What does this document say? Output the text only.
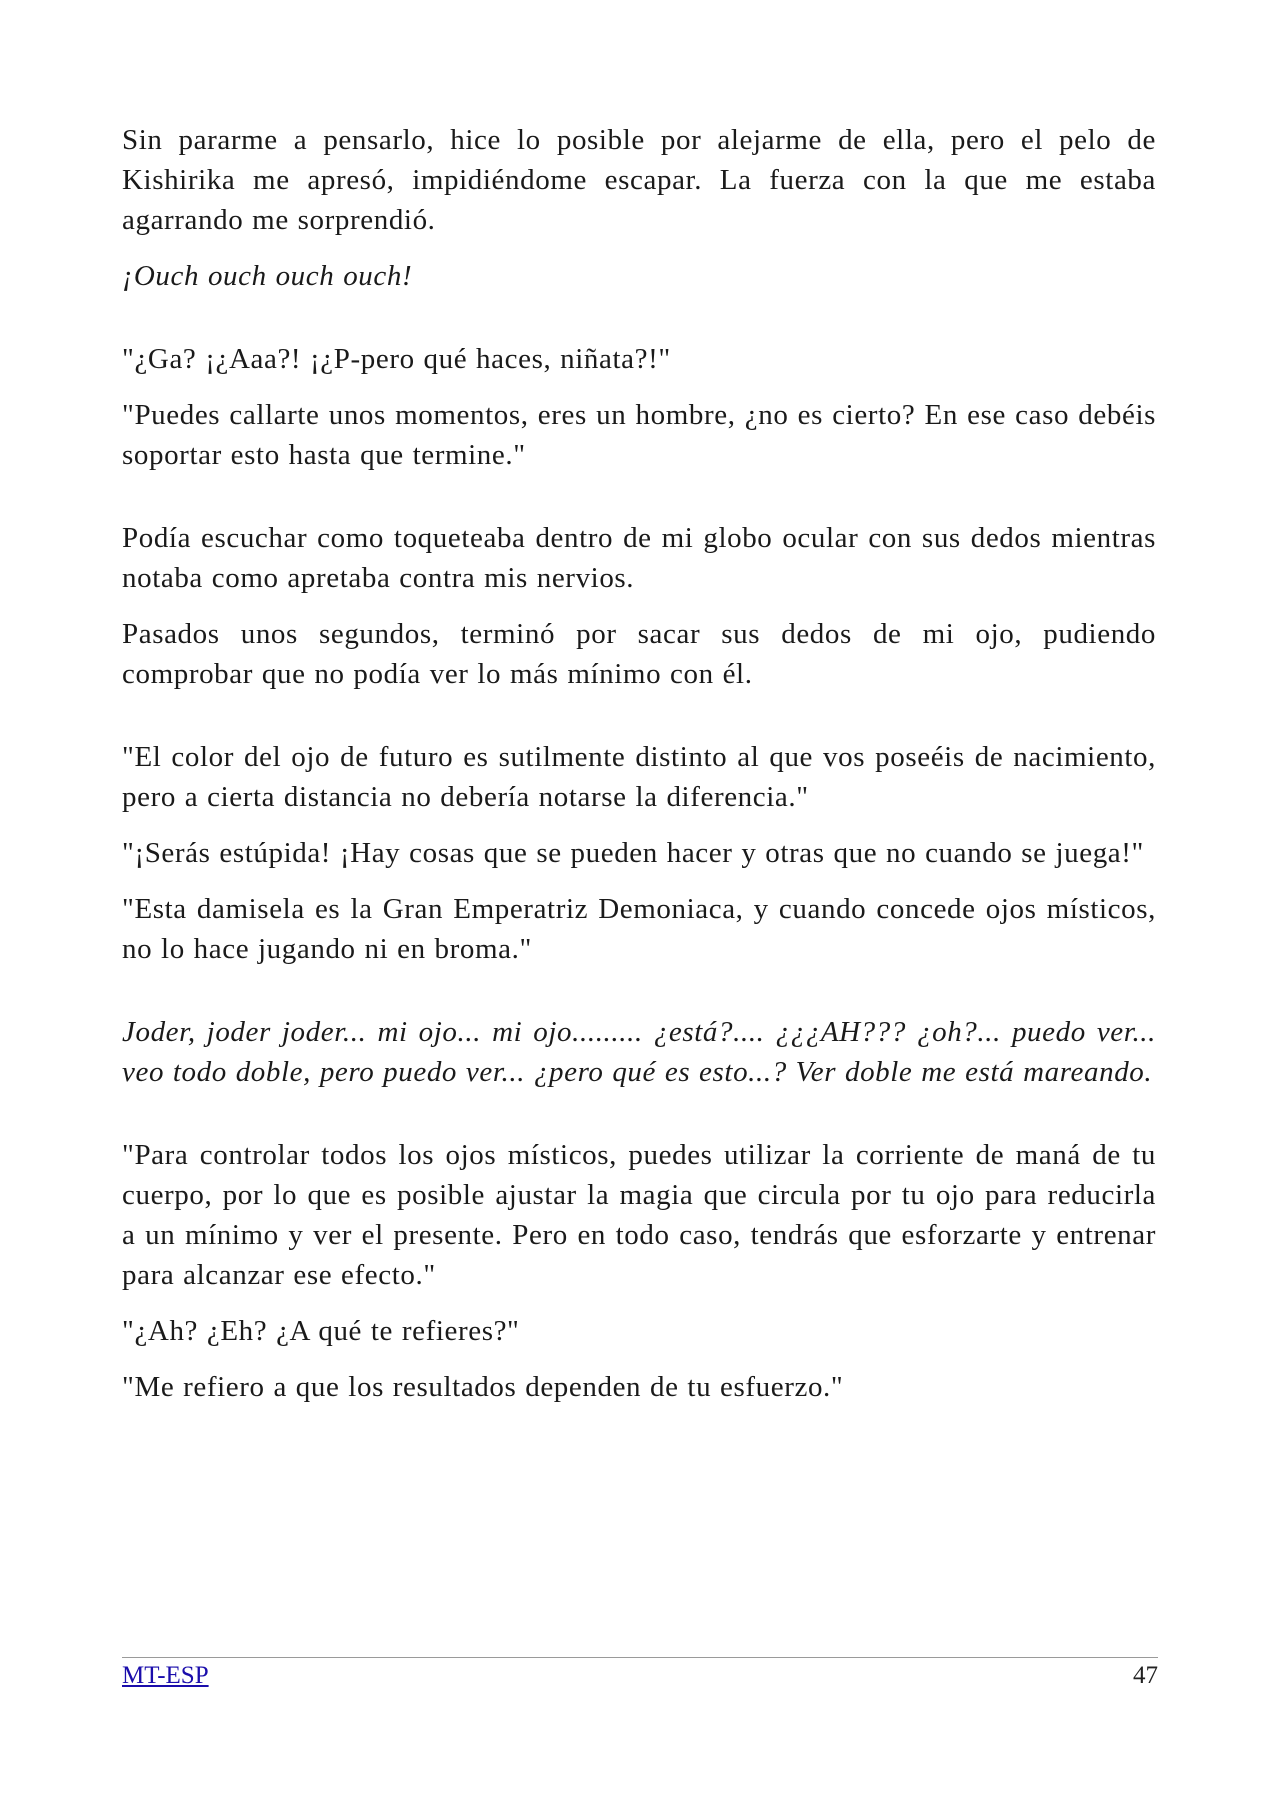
Sin pararme a pensarlo, hice lo posible por alejarme de ella, pero el pelo de Kishirika me apresó, impidiéndome escapar. La fuerza con la que me estaba agarrando me sorprendió.

¡Ouch ouch ouch ouch!

"¿Ga? ¡¿Aaa?! ¡¿P-pero qué haces, niñata?!"

"Puedes callarte unos momentos, eres un hombre, ¿no es cierto? En ese caso debéis soportar esto hasta que termine."

Podía escuchar como toqueteaba dentro de mi globo ocular con sus dedos mientras notaba como apretaba contra mis nervios.

Pasados unos segundos, terminó por sacar sus dedos de mi ojo, pudiendo comprobar que no podía ver lo más mínimo con él.

"El color del ojo de futuro es sutilmente distinto al que vos poseéis de nacimiento, pero a cierta distancia no debería notarse la diferencia."

"¡Serás estúpida! ¡Hay cosas que se pueden hacer y otras que no cuando se juega!"

"Esta damisela es la Gran Emperatriz Demoniaca, y cuando concede ojos místicos, no lo hace jugando ni en broma."

Joder, joder joder... mi ojo... mi ojo......... ¿está?.... ¿¿¿AH??? ¿oh?... puedo ver... veo todo doble, pero puedo ver... ¿pero qué es esto...? Ver doble me está mareando.

"Para controlar todos los ojos místicos, puedes utilizar la corriente de maná de tu cuerpo, por lo que es posible ajustar la magia que circula por tu ojo para reducirla a un mínimo y ver el presente. Pero en todo caso, tendrás que esforzarte y entrenar para alcanzar ese efecto."

"¿Ah? ¿Eh? ¿A qué te refieres?"

"Me refiero a que los resultados dependen de tu esfuerzo."

MT-ESP	47
